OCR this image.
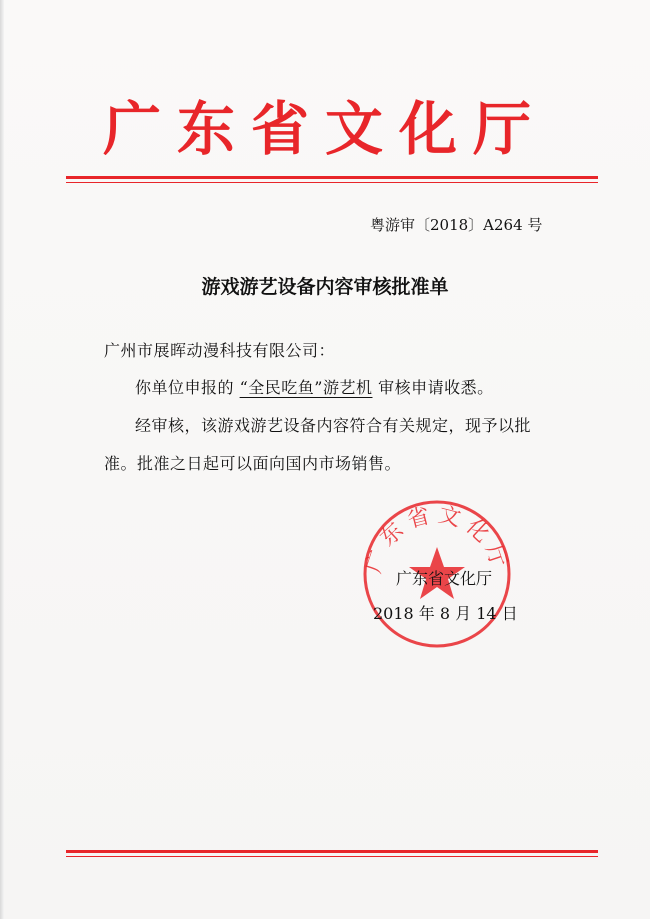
广东省文化厅
粤游审〔2018〕A264 号
游戏游艺设备内容审核批准单
广州市展晖动漫科技有限公司：
你单位申报的 “全民吃鱼”游艺机 审核申请收悉。
经审核，该游戏游艺设备内容符合有关规定，现予以批
准。批准之日起可以面向国内市场销售。
广东省文化厅
广东省文化厅
2018 年 8 月 14 日
